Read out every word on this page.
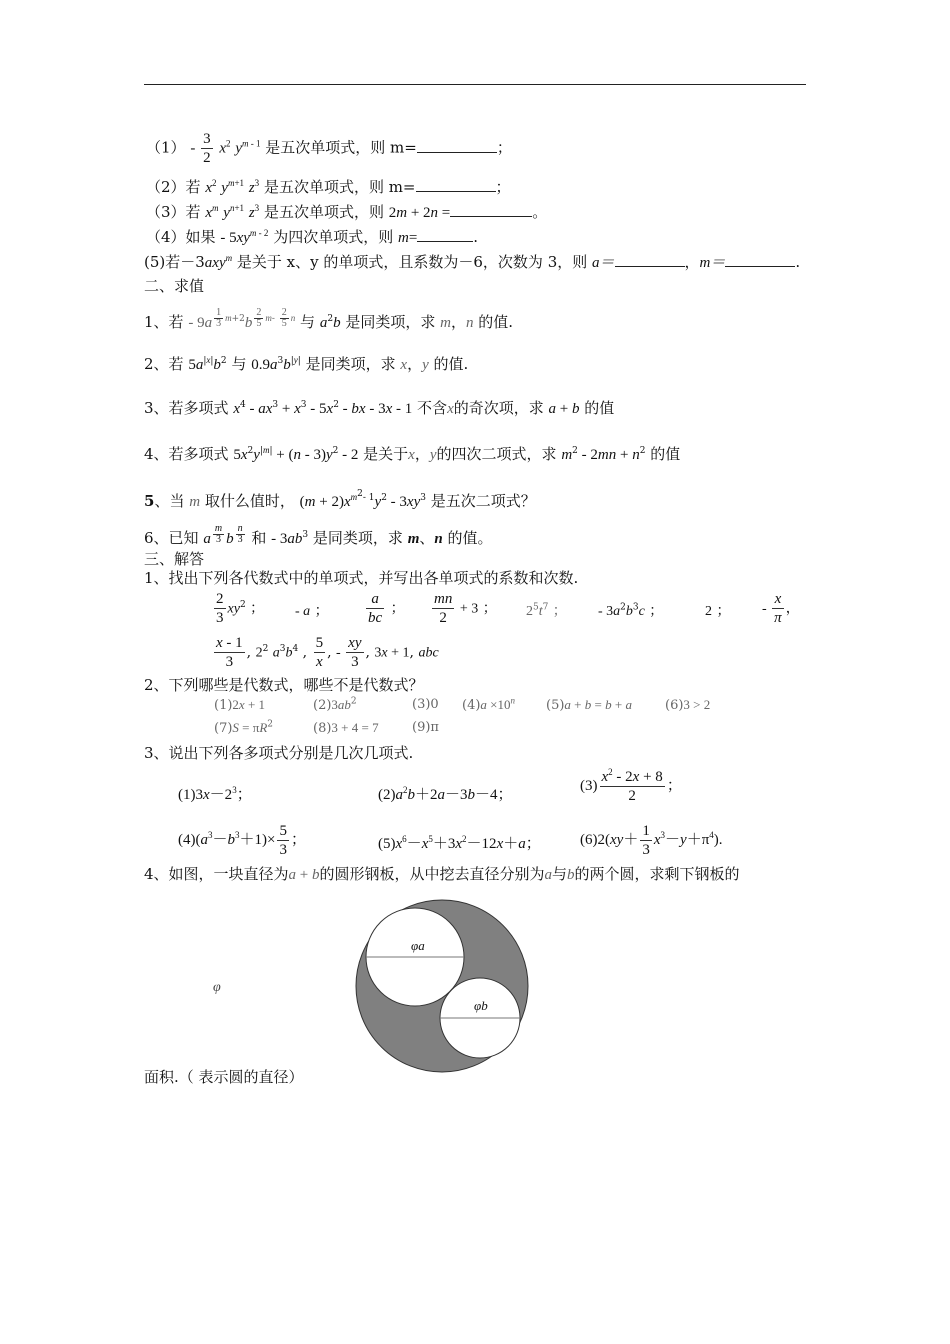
$(1) - \frac{3}{2} x^2$ $y^m$ $^{- 1}$ 是五次单项式，则 m=	；
（2）若 $x^2$ $y^{m+1}$ $z^3$ 是五次单项式，则 m=	；
（3）若 $x^m$ $y^{n+1}$ $z^3$ 是五次单项式，则 2m + 2n =	。
（4）如果 - $5xy^m$ $^{- 2}$ 为四次单项式，则 m=	.
(5)若－3axy$^m$ 是关于 x、y 的单项式，且系数为－6，次数为 3，则 a＝	，m＝	.
二、求值
1、若 - 9a $^{\frac{1}{3} m+2}$b $^{\frac{2}{5} m- \frac{2}{5} n}$ 与 $a^2b$ 是同类项，求 m，n 的值.
2、若 $5a^{|x|}b^2$ 与 $0.9a^3b^{|y|}$ 是同类项，求 x，y 的值.
3、若多项式 $x^4 - ax^3 + x^3 - 5x^2$ - bx - 3x - 1 不含x的奇次项，求 a + b 的值
4、若多项式 $5x^2y^{|m|} + (n - 3)y^2 - 2$ 是关于x，y的四次二项式，求 $m^2 - 2mn + n^2$ 的值
5、当 m 取什么值时， $(m + 2)x^{m^2- 1}y^2 - 3xy^3$ 是五次二项式？
6、已知 a $^{\frac{m}{3}}$ b $^{\frac{n}{3}}$ 和 - $3ab^3$ 是同类项，求 m、n 的值。
三、解答
1、找出下列各代数式中的单项式，并写出各单项式的系数和次数.
$\frac{2}{3} xy^2$ ； - a ； $\frac{a}{bc}$ ； $\frac{mn}{2} + 3$ ； $2^5t^7$ ； - $3a^2b^3c$ ；	2 ； - $\frac{x}{\pi}$ ，
$\frac{x - 1}{3}$ , $2^2$ $a^3b^4$ , $\frac{5}{x}$ , - $\frac{xy}{3}$ , 3x + 1, abc
2、下列哪些是代数式，哪些不是代数式？
(1)2x + 1	$(2)3ab^2$	(3)0 $(4)a \times 10^n$ (5)a + b = b + a	(6)3 > 2
$(7)S = \pi R^2$	(8)3 + 4 = 7	(9)π
3、说出下列各多项式分别是几次几项式.
$(1)3x-2^3$；	$(2)a^2b+2a-3b-4$；
$(3) \frac{x^2 - 2x + 8}{2}$ ；
$(4)(a^3-b^3+1)\times \frac{5}{3}$ ；	$(5)x^6-x^5+3x^2-12x+a$；	$(6)2(xy+ \frac{1}{3} x^3-y+\pi^4)$.
4、如图，一块直径为a + b的圆形钢板，从中挖去直径分别为a与b的两个圆，求剩下钢板的
φ
φa
φb
面积.（ 表示圆的直径）
